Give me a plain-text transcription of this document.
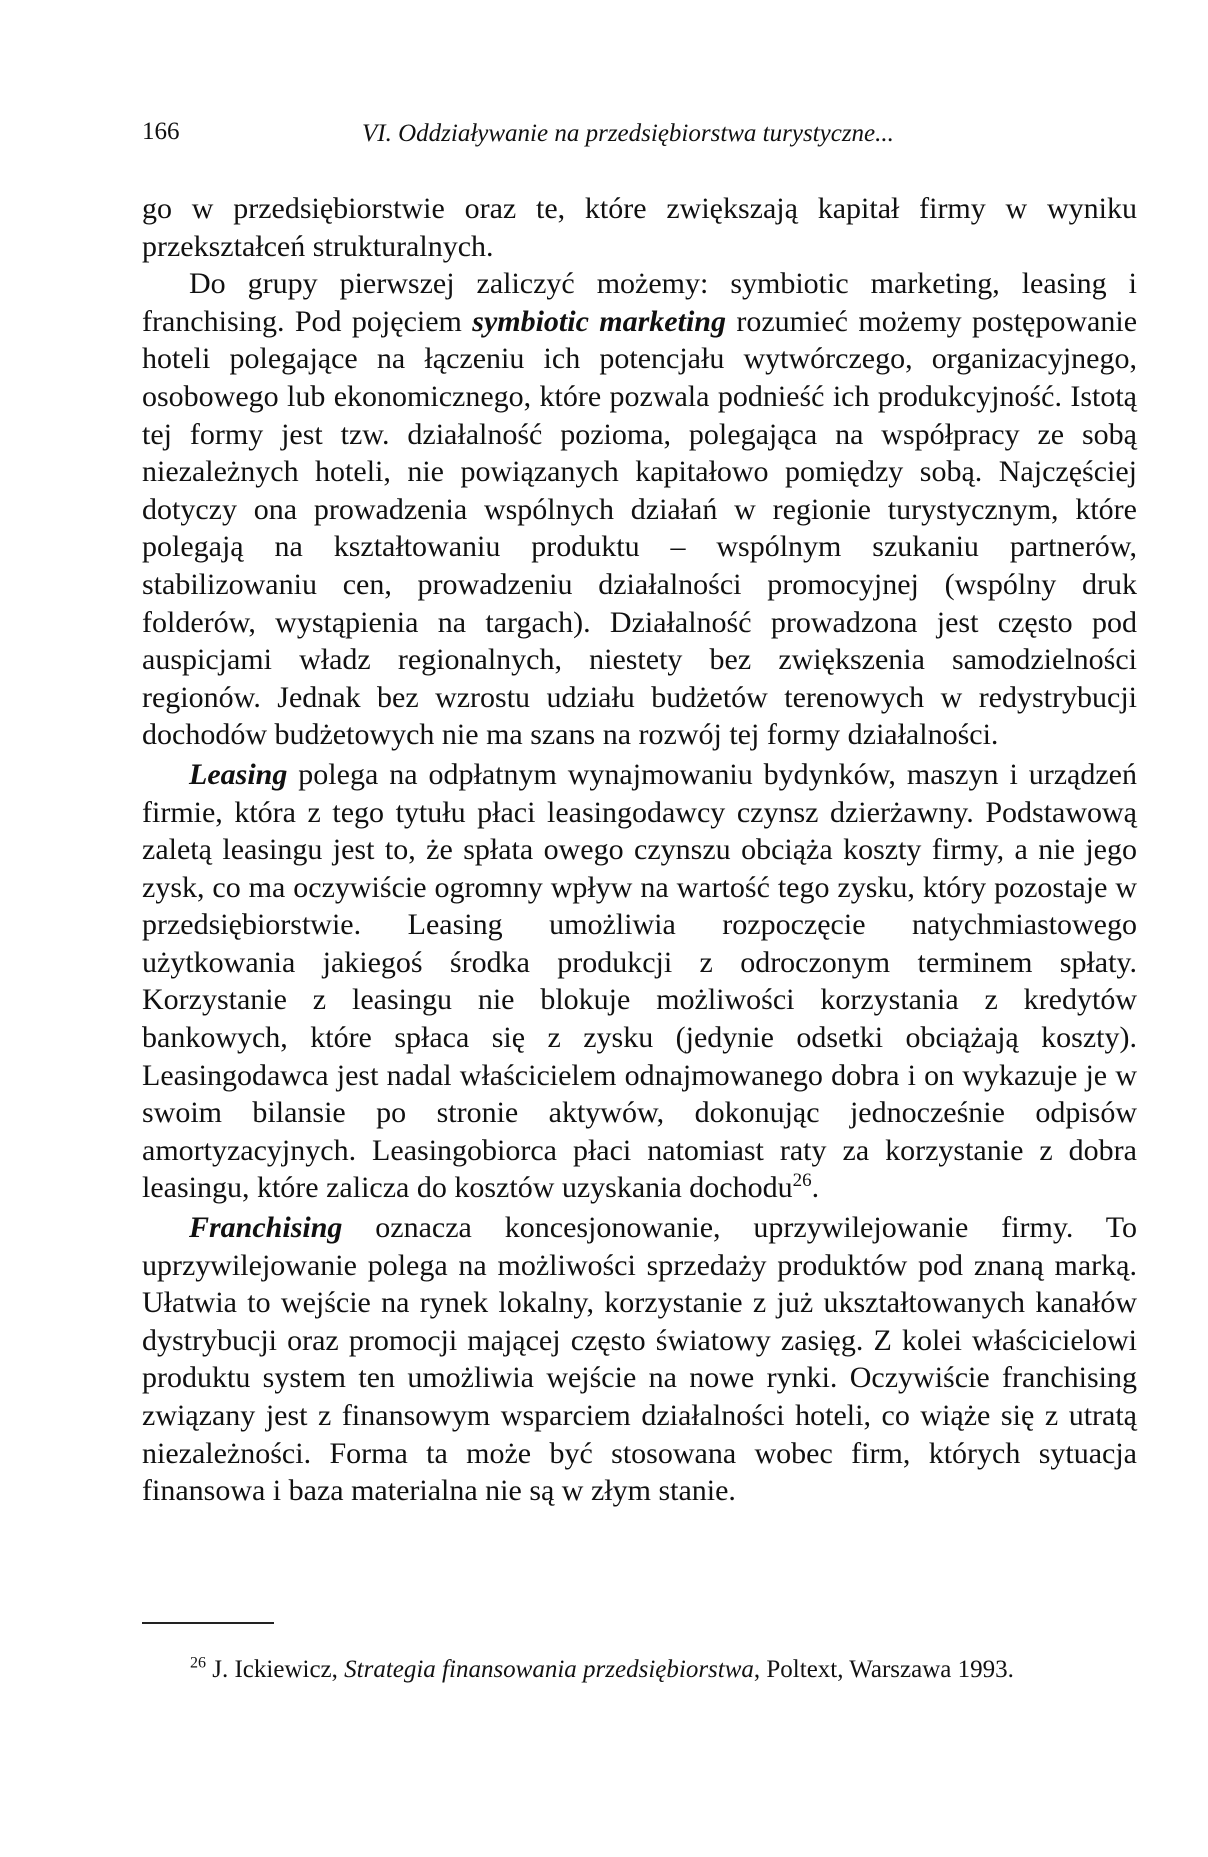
166	VI. Oddziaływanie na przedsiębiorstwa turystyczne...

go w przedsiębiorstwie oraz te, które zwiększają kapitał firmy w wyniku przekształceń strukturalnych.

Do grupy pierwszej zaliczyć możemy: symbiotic marketing, leasing i franchising. Pod pojęciem symbiotic marketing rozumieć możemy postępowanie hoteli polegające na łączeniu ich potencjału wytwórczego, organizacyjnego, osobowego lub ekonomicznego, które pozwala podnieść ich produkcyjność. Istotą tej formy jest tzw. działalność pozioma, polegająca na współpracy ze sobą niezależnych hoteli, nie powiązanych kapitałowo pomiędzy sobą. Najczęściej dotyczy ona prowadzenia wspólnych działań w regionie turystycznym, które polegają na kształtowaniu produktu – wspólnym szukaniu partnerów, stabilizowaniu cen, prowadzeniu działalności promocyjnej (wspólny druk folderów, wystąpienia na targach). Działalność prowadzona jest często pod auspicjami władz regionalnych, niestety bez zwiększenia samodzielności regionów. Jednak bez wzrostu udziału budżetów terenowych w redystrybucji dochodów budżetowych nie ma szans na rozwój tej formy działalności.

Leasing polega na odpłatnym wynajmowaniu bydynków, maszyn i urządzeń firmie, która z tego tytułu płaci leasingodawcy czynsz dzierżawny. Podstawową zaletą leasingu jest to, że spłata owego czynszu obciąża koszty firmy, a nie jego zysk, co ma oczywiście ogromny wpływ na wartość tego zysku, który pozostaje w przedsiębiorstwie. Leasing umożliwia rozpoczęcie natychmiastowego użytkowania jakiegoś środka produkcji z odroczonym terminem spłaty. Korzystanie z leasingu nie blokuje możliwości korzystania z kredytów bankowych, które spłaca się z zysku (jedynie odsetki obciążają koszty). Leasingodawca jest nadal właścicielem odnajmowanego dobra i on wykazuje je w swoim bilansie po stronie aktywów, dokonując jednocześnie odpisów amortyzacyjnych. Leasingobiorca płaci natomiast raty za korzystanie z dobra leasingu, które zalicza do kosztów uzyskania dochodu$^{26}$.

Franchising oznacza koncesjonowanie, uprzywilejowanie firmy. To uprzywilejowanie polega na możliwości sprzedaży produktów pod znaną marką. Ułatwia to wejście na rynek lokalny, korzystanie z już ukształtowanych kanałów dystrybucji oraz promocji mającej często światowy zasięg. Z kolei właścicielowi produktu system ten umożliwia wejście na nowe rynki. Oczywiście franchising związany jest z finansowym wsparciem działalności hoteli, co wiąże się z utratą niezależności. Forma ta może być stosowana wobec firm, których sytuacja finansowa i baza materialna nie są w złym stanie.

$^{26}$ J. Ickiewicz, Strategia finansowania przedsiębiorstwa, Poltext, Warszawa 1993.
